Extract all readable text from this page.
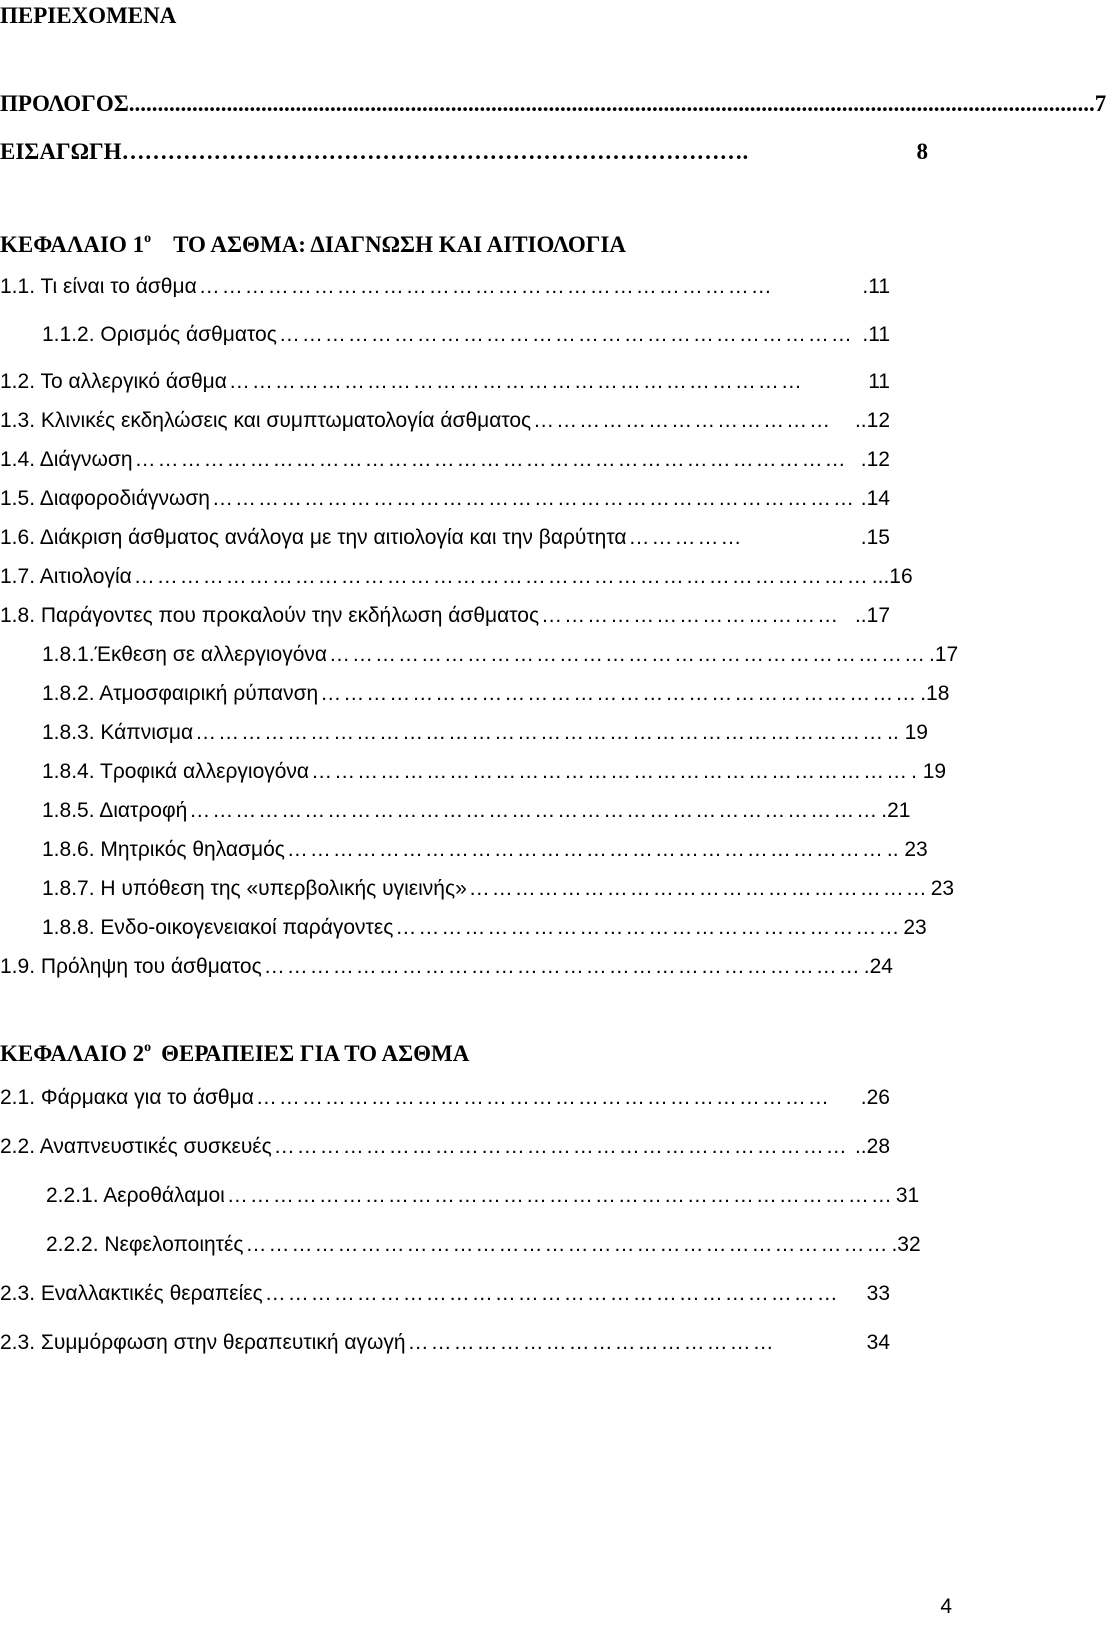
ΠΕΡΙΕΧΟΜΕΝΑ
ΠΡΟΛΟΓΟΣ ........................................................................................................................................................................ 7
ΕΙΣΑΓΩΓΗ ……………………………………………………………………….	8
ΚΕΦΑΛΑΙΟ $1^o$ ΤΟ ΑΣΘΜΑ: ΔΙΑΓΝΩΣΗ ΚΑΙ ΑΙΤΙΟΛΟΓΙΑ
1.1. Τι είναι το άσθμα …………………………………………………………………	.11
1.1.2. Ορισμός άσθματος ………………………………………………………………… .11
1.2. Το αλλεργικό άσθμα …………………………………………………………………	11
1.3. Κλινικές εκδηλώσεις και συμπτωματολογία άσθματος …………………………………	..12
1.4. Διάγνωση ………………………………………………………………………………… .12
1.5. Διαφοροδιάγνωση ………………………………………………………………………… .14
1.6. Διάκριση άσθματος ανάλογα με την αιτιολογία και την βαρύτητα ……………	.15
1.7. Αιτιολογία …………………………………………………………………………………… ...16
1.8. Παράγοντες που προκαλούν την εκδήλωση άσθματος ………………………………… ..17
1.8.1.Έκθεση σε αλλεργιογόνα …………………………………………………………………… .17
1.8.2. Ατμοσφαιρική ρύπανση …………………………………………………………………… .18
1.8.3. Κάπνισμα ……………………………………………………………………………… .. 19
1.8.4. Τροφικά αλλεργιογόνα …………………………………………………………………… . 19
1.8.5. Διατροφή ……………………………………………………………………………… .21
1.8.6. Μητρικός θηλασμός …………………………………………………………………… .. 23
1.8.7. Η υπόθεση της «υπερβολικής υγιεινής» …………………………………………………… 23
1.8.8. Ενδο-οικογενειακοί παράγοντες ………………………………………………………… 23
1.9. Πρόληψη του άσθματος …………………………………………………………………… .24
ΚΕΦΑΛΑΙΟ $2^o$ ΘΕΡΑΠΕΙΕΣ ΓΙΑ ΤΟ ΑΣΘΜΑ
2.1. Φάρμακα για το άσθμα …………………………………………………………………	.26
2.2. Αναπνευστικές συσκευές ………………………………………………………………… ..28
2.2.1. Αεροθάλαμοι …………………………………………………………………………… 31
2.2.2. Νεφελοποιητές ………………………………………………………………………… .32
2.3. Εναλλακτικές θεραπείες …………………………………………………………………	33
2.3. Συμμόρφωση στην θεραπευτική αγωγή …………………………………………	34
4
